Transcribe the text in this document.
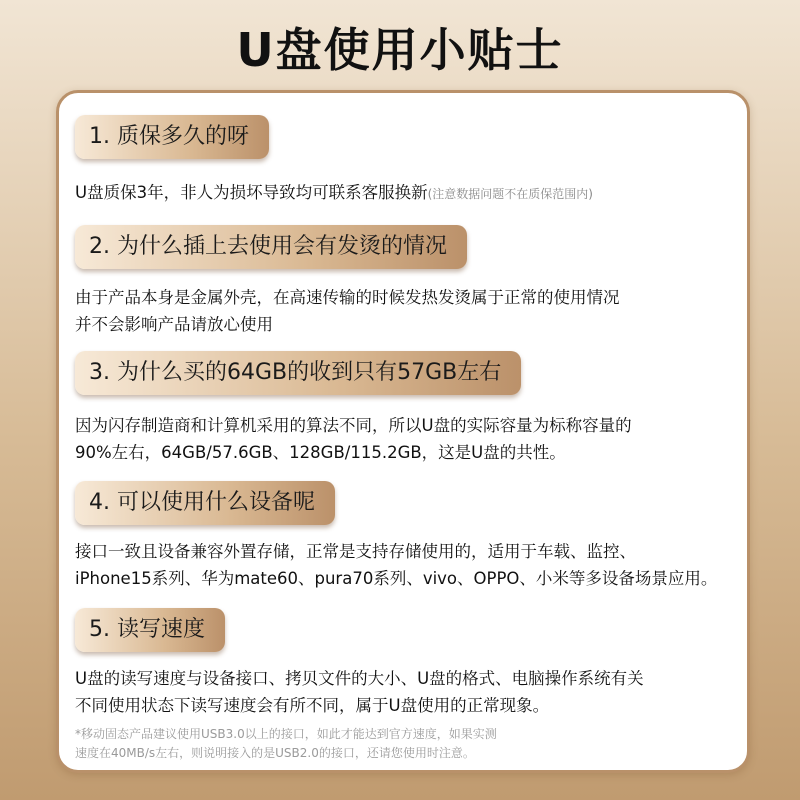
U盘使用小贴士
1. 质保多久的呀
U盘质保3年，非人为损坏导致均可联系客服换新(注意数据问题不在质保范围内)
2. 为什么插上去使用会有发烫的情况
由于产品本身是金属外壳，在高速传输的时候发热发烫属于正常的使用情况
并不会影响产品请放心使用
3. 为什么买的64GB的收到只有57GB左右
因为闪存制造商和计算机采用的算法不同，所以U盘的实际容量为标称容量的
90%左右，64GB/57.6GB、128GB/115.2GB，这是U盘的共性。
4. 可以使用什么设备呢
接口一致且设备兼容外置存储，正常是支持存储使用的，适用于车载、监控、
iPhone15系列、华为mate60、pura70系列、vivo、OPPO、小米等多设备场景应用。
5. 读写速度
U盘的读写速度与设备接口、拷贝文件的大小、U盘的格式、电脑操作系统有关
不同使用状态下读写速度会有所不同，属于U盘使用的正常现象。
*移动固态产品建议使用USB3.0以上的接口，如此才能达到官方速度，如果实测
速度在40MB/s左右，则说明接入的是USB2.0的接口，还请您使用时注意。
